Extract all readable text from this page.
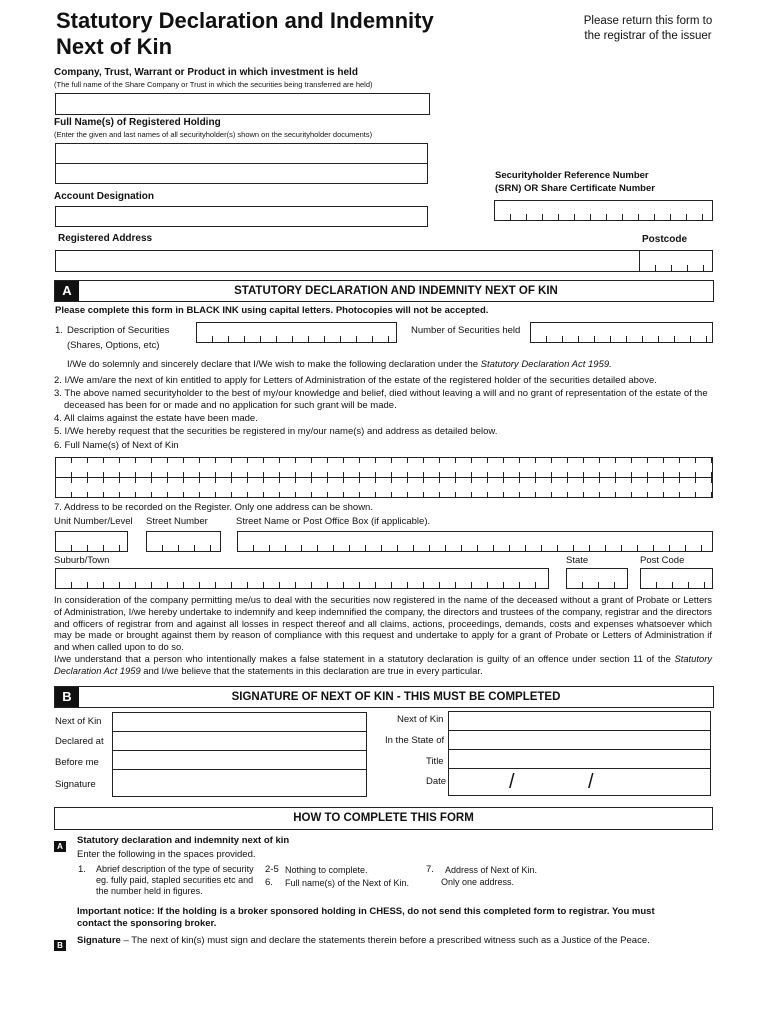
Statutory Declaration and Indemnity
Next of Kin
Please return this form to
the registrar of the issuer
Company, Trust, Warrant or Product in which investment is held
(The full name of the Share Company or Trust in which the securities being transferred are held)
Full Name(s) of Registered Holding
(Enter the given and last names of all securityholder(s) shown on the securityholder documents)
Securityholder Reference Number
(SRN) OR Share Certificate Number
Account Designation
Registered Address	Postcode
A	STATUTORY DECLARATION AND INDEMNITY NEXT OF KIN
Please complete this form in BLACK INK using capital letters. Photocopies will not be accepted.
1. Description of Securities
(Shares, Options, etc)
Number of Securities held
I/We do solemnly and sincerely declare that I/We wish to make the following declaration under the Statutory Declaration Act 1959.
2. I/We am/are the next of kin entitled to apply for Letters of Administration of the estate of the registered holder of the securities detailed above.
3. The above named securityholder to the best of my/our knowledge and belief, died without leaving a will and no grant of representation of the estate of the
deceased has been for or made and no application for such grant will be made.
4. All claims against the estate have been made.
5. I/We hereby request that the securities be registered in my/our name(s) and address as detailed below.
6. Full Name(s) of Next of Kin
7. Address to be recorded on the Register. Only one address can be shown.
Unit Number/Level Street Number	Street Name or Post Office Box (if applicable).
Suburb/Town	State	Post Code
In consideration of the company permitting me/us to deal with the securities now registered in the name of the deceased without a grant of Probate or Letters of Administration, I/we hereby undertake to indemnify and keep indemnified the company, the directors and trustees of the company, registrar and the directors and officers of registrar from and against all losses in respect thereof and all claims, actions, proceedings, demands, costs and expenses whatsoever which may be made or brought against them by reason of compliance with this request and undertake to apply for a grant of Probate or Letters of Administration if and when called upon to do so.
I/we understand that a person who intentionally makes a false statement in a statutory declaration is guilty of an offence under section 11 of the Statutory Declaration Act 1959 and I/we believe that the statements in this declaration are true in every particular.
B	SIGNATURE OF NEXT OF KIN - THIS MUST BE COMPLETED
Next of Kin
Declared at
Before me
Signature
Next of Kin
In the State of
Title
Date	/	/
HOW TO COMPLETE THIS FORM
A
Statutory declaration and indemnity next of kin
Enter the following in the spaces provided.
1. Abrief description of the type of security eg. fully paid, stapled securities etc and the number held in figures.
2-5 Nothing to complete.
6. Full name(s) of the Next of Kin.
7. Address of Next of Kin.
Only one address.
Important notice: If the holding is a broker sponsored holding in CHESS, do not send this completed form to registrar. You must contact the sponsoring broker.
B	Signature – The next of kin(s) must sign and declare the statements therein before a prescribed witness such as a Justice of the Peace.
